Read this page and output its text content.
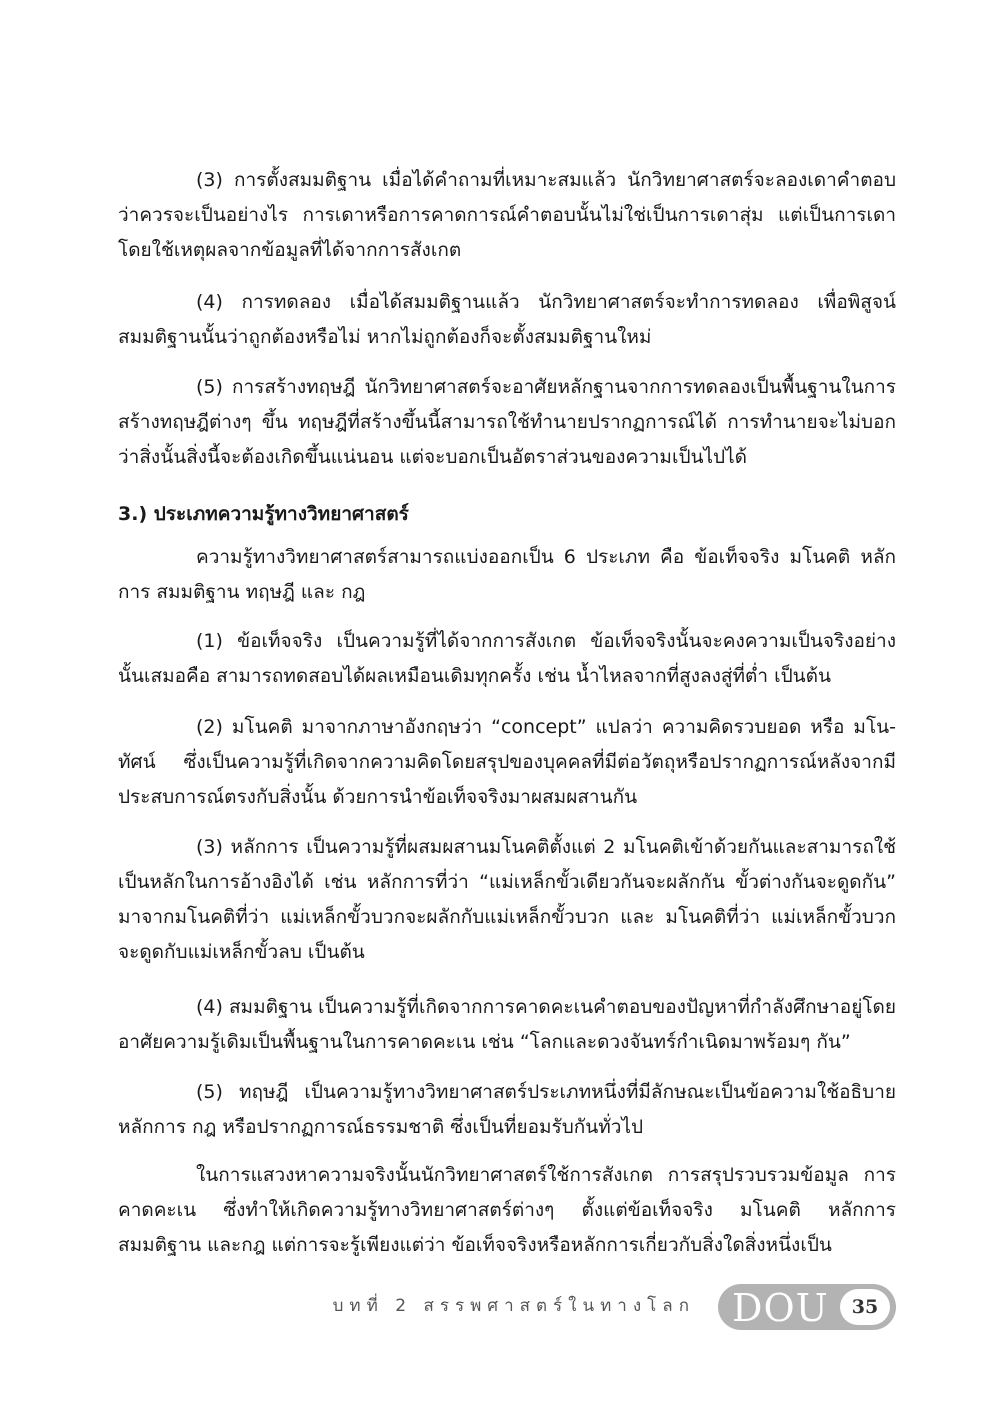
(3) การตั้งสมมติฐาน เมื่อได้คำถามที่เหมาะสมแล้ว นักวิทยาศาสตร์จะลองเดาคำตอบว่าควรจะเป็นอย่างไร การเดาหรือการคาดการณ์คำตอบนั้นไม่ใช่เป็นการเดาสุ่ม แต่เป็นการเดาโดยใช้เหตุผลจากข้อมูลที่ได้จากการสังเกต

(4) การทดลอง เมื่อได้สมมติฐานแล้ว นักวิทยาศาสตร์จะทำการทดลอง เพื่อพิสูจน์สมมติฐานนั้นว่าถูกต้องหรือไม่ หากไม่ถูกต้องก็จะตั้งสมมติฐานใหม่

(5) การสร้างทฤษฎี นักวิทยาศาสตร์จะอาศัยหลักฐานจากการทดลองเป็นพื้นฐานในการสร้างทฤษฎีต่างๆ ขึ้น ทฤษฎีที่สร้างขึ้นนี้สามารถใช้ทำนายปรากฏการณ์ได้ การทำนายจะไม่บอกว่าสิ่งนั้นสิ่งนี้จะต้องเกิดขึ้นแน่นอน แต่จะบอกเป็นอัตราส่วนของความเป็นไปได้

3.) ประเภทความรู้ทางวิทยาศาสตร์

ความรู้ทางวิทยาศาสตร์สามารถแบ่งออกเป็น 6 ประเภท คือ ข้อเท็จจริง มโนคติ หลักการ สมมติฐาน ทฤษฎี และ กฎ

(1) ข้อเท็จจริง เป็นความรู้ที่ได้จากการสังเกต ข้อเท็จจริงนั้นจะคงความเป็นจริงอย่างนั้นเสมอคือ สามารถทดสอบได้ผลเหมือนเดิมทุกครั้ง เช่น น้ำไหลจากที่สูงลงสู่ที่ต่ำ เป็นต้น

(2) มโนคติ มาจากภาษาอังกฤษว่า “concept” แปลว่า ความคิดรวบยอด หรือ มโน-ทัศน์ ซึ่งเป็นความรู้ที่เกิดจากความคิดโดยสรุปของบุคคลที่มีต่อวัตถุหรือปรากฏการณ์หลังจากมีประสบการณ์ตรงกับสิ่งนั้น ด้วยการนำข้อเท็จจริงมาผสมผสานกัน

(3) หลักการ เป็นความรู้ที่ผสมผสานมโนคติตั้งแต่ 2 มโนคติเข้าด้วยกันและสามารถใช้เป็นหลักในการอ้างอิงได้ เช่น หลักการที่ว่า “แม่เหล็กขั้วเดียวกันจะผลักกัน ขั้วต่างกันจะดูดกัน” มาจากมโนคติที่ว่า แม่เหล็กขั้วบวกจะผลักกับแม่เหล็กขั้วบวก และ มโนคติที่ว่า แม่เหล็กขั้วบวกจะดูดกับแม่เหล็กขั้วลบ เป็นต้น

(4) สมมติฐาน เป็นความรู้ที่เกิดจากการคาดคะเนคำตอบของปัญหาที่กำลังศึกษาอยู่โดยอาศัยความรู้เดิมเป็นพื้นฐานในการคาดคะเน เช่น “โลกและดวงจันทร์กำเนิดมาพร้อมๆ กัน”

(5) ทฤษฎี เป็นความรู้ทางวิทยาศาสตร์ประเภทหนึ่งที่มีลักษณะเป็นข้อความใช้อธิบายหลักการ กฎ หรือปรากฏการณ์ธรรมชาติ ซึ่งเป็นที่ยอมรับกันทั่วไป

ในการแสวงหาความจริงนั้นนักวิทยาศาสตร์ใช้การสังเกต การสรุปรวบรวมข้อมูล การคาดคะเน ซึ่งทำให้เกิดความรู้ทางวิทยาศาสตร์ต่างๆ ตั้งแต่ข้อเท็จจริง มโนคติ หลักการ สมมติฐาน และกฎ แต่การจะรู้เพียงแต่ว่า ข้อเท็จจริงหรือหลักการเกี่ยวกับสิ่งใดสิ่งหนึ่งเป็น

บทที่ 2 สรรพศาสตร์ในทางโลก DOU	35
